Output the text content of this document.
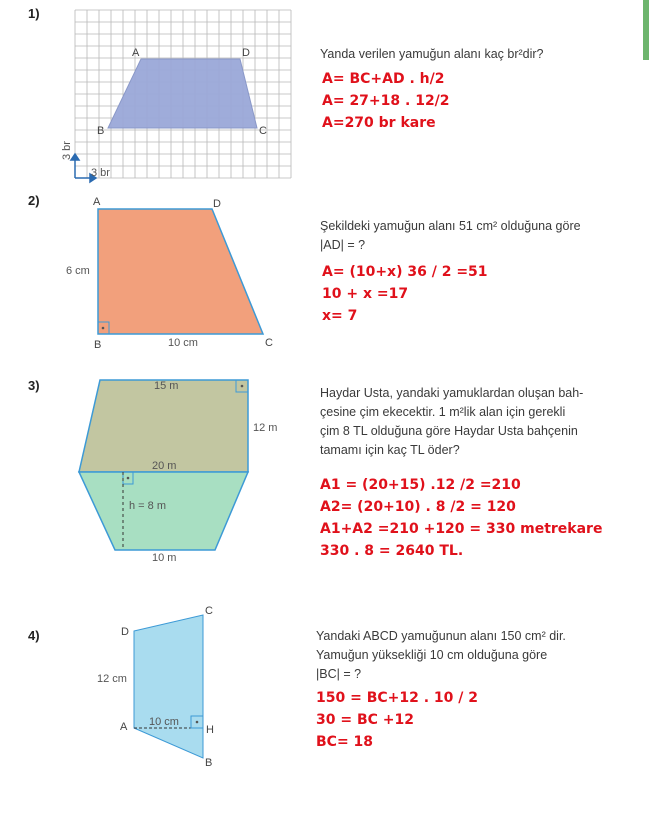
1)
A	D
B	C
3 br
3 br
Yanda verilen yamuğun alanı kaç br²dir?
A= BC+AD . h/2
A= 27+18 . 12/2
A=270 br kare
2)	A	D
B	C
6 cm
10 cm
Şekildeki yamuğun alanı 51 cm² olduğuna göre
|AD| = ?
A= (10+x) 36 / 2 =51
10 + x =17
x= 7
3)	15 m
12 m
20 m
h = 8 m
10 m
Haydar Usta, yandaki yamuklardan oluşan bah-
çesine çim ekecektir. 1 m²lik alan için gerekli
çim 8 TL olduğuna göre Haydar Usta bahçenin
tamamı için kaç TL öder?
A1 = (20+15) .12 /2 =210
A2= (20+10) . 8 /2 = 120
A1+A2 =210 +120 = 330 metrekare
330 . 8 = 2640 TL.
4)
C
D
A	H
B
12 cm
10 cm
Yandaki ABCD yamuğunun alanı 150 cm² dir.
Yamuğun yüksekliği 10 cm olduğuna göre
|BC| = ?
150 = BC+12 . 10 / 2
30 = BC +12
BC= 18
